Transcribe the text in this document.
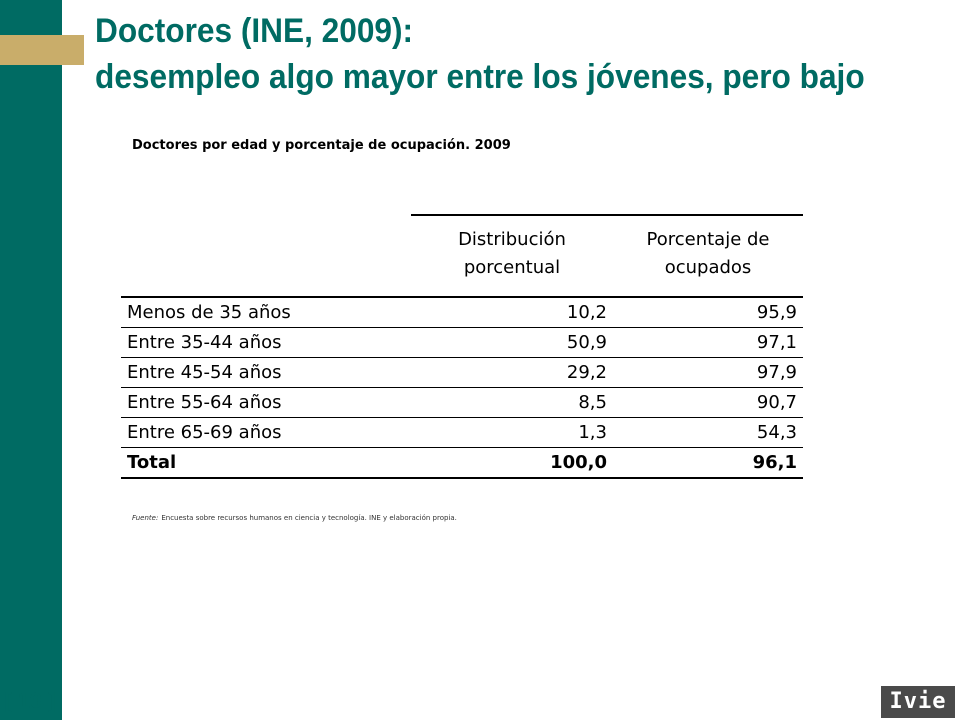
Doctores (INE, 2009):
desempleo algo mayor entre los jóvenes, pero bajo
Doctores por edad y porcentaje de ocupación. 2009
	Distribución porcentual	Porcentaje de ocupados
Menos de 35 años	10,2	95,9
Entre 35-44 años	50,9	97,1
Entre 45-54 años	29,2	97,9
Entre 55-64 años	8,5	90,7
Entre 65-69 años	1,3	54,3
Total	100,0	96,1
Fuente: Encuesta sobre recursos humanos en ciencia y tecnología. INE y elaboración propia.
[ 10 ]	Ivie
